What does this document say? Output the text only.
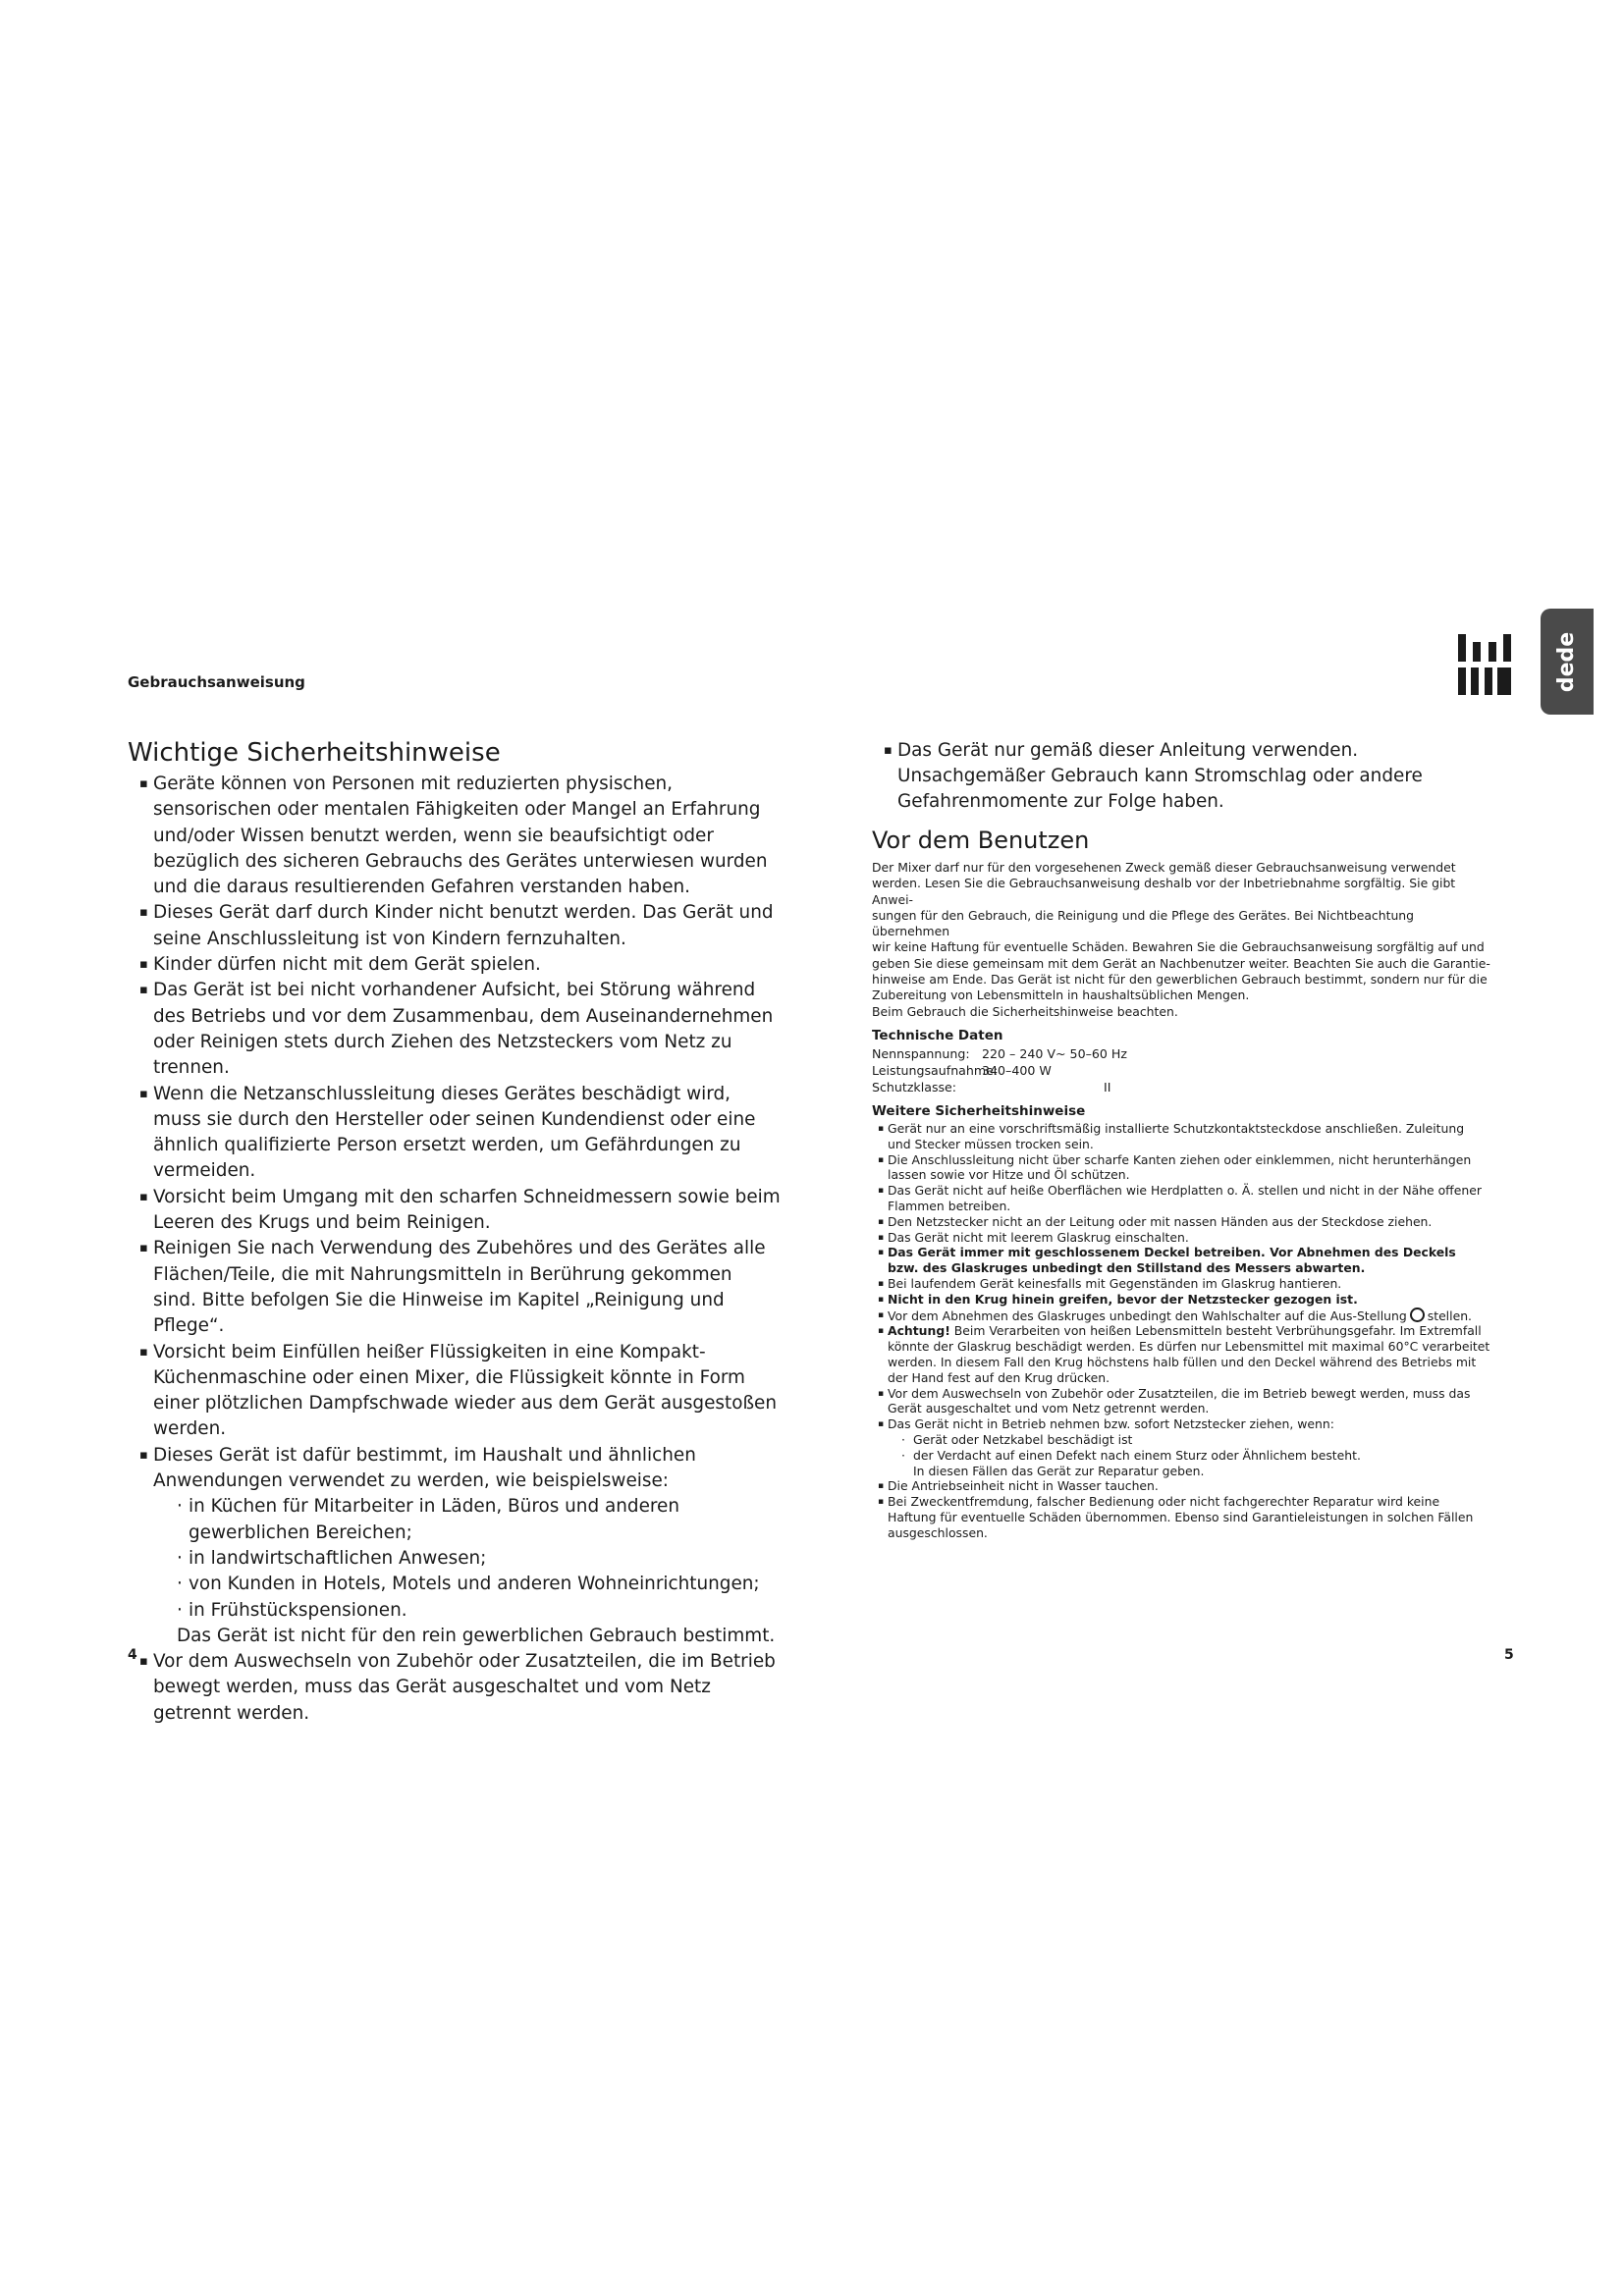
Gebrauchsanweisung	dede
Wichtige Sicherheitshinweise
▪ Geräte können von Personen mit reduzierten physischen, sensorischen oder mentalen Fähigkeiten oder Mangel an Erfahrung und/oder Wissen benutzt werden, wenn sie beaufsichtigt oder bezüglich des sicheren Gebrauchs des Gerätes unterwiesen wurden und die daraus resultierenden Gefahren verstanden haben.
▪ Dieses Gerät darf durch Kinder nicht benutzt werden. Das Gerät und seine Anschlussleitung ist von Kindern fernzuhalten.
▪ Kinder dürfen nicht mit dem Gerät spielen.
▪ Das Gerät ist bei nicht vorhandener Aufsicht, bei Störung während des Betriebs und vor dem Zusammenbau, dem Auseinandernehmen oder Reinigen stets durch Ziehen des Netzsteckers vom Netz zu trennen.
▪ Wenn die Netzanschlussleitung dieses Gerätes beschädigt wird, muss sie durch den Hersteller oder seinen Kundendienst oder eine ähnlich qualifizierte Person ersetzt werden, um Gefährdungen zu vermeiden.
▪ Vorsicht beim Umgang mit den scharfen Schneidmessern sowie beim Leeren des Krugs und beim Reinigen.
▪ Reinigen Sie nach Verwendung des Zubehöres und des Gerätes alle Flächen/Teile, die mit Nahrungsmitteln in Berührung gekommen sind. Bitte befolgen Sie die Hinweise im Kapitel „Reinigung und Pflege“.
▪ Vorsicht beim Einfüllen heißer Flüssigkeiten in eine Kompakt-Küchenmaschine oder einen Mixer, die Flüssigkeit könnte in Form einer plötzlichen Dampfschwade wieder aus dem Gerät ausgestoßen werden.
▪ Dieses Gerät ist dafür bestimmt, im Haushalt und ähnlichen Anwendungen verwendet zu werden, wie beispielsweise:
· in Küchen für Mitarbeiter in Läden, Büros und anderen gewerblichen Bereichen;
· in landwirtschaftlichen Anwesen;
· von Kunden in Hotels, Motels und anderen Wohneinrichtungen;
· in Frühstückspensionen.
Das Gerät ist nicht für den rein gewerblichen Gebrauch bestimmt.
▪ Vor dem Auswechseln von Zubehör oder Zusatzteilen, die im Betrieb bewegt werden, muss das Gerät ausgeschaltet und vom Netz getrennt werden.
▪ Das Gerät nur gemäß dieser Anleitung verwenden. Unsachgemäßer Gebrauch kann Stromschlag oder andere Gefahrenmomente zur Folge haben.
Vor dem Benutzen
Der Mixer darf nur für den vorgesehenen Zweck gemäß dieser Gebrauchsanweisung verwendet
werden. Lesen Sie die Gebrauchsanweisung deshalb vor der Inbetriebnahme sorgfältig. Sie gibt Anwei-
sungen für den Gebrauch, die Reinigung und die Pflege des Gerätes. Bei Nichtbeachtung übernehmen
wir keine Haftung für eventuelle Schäden. Bewahren Sie die Gebrauchsanweisung sorgfältig auf und
geben Sie diese gemeinsam mit dem Gerät an Nachbenutzer weiter. Beachten Sie auch die Garantie-
hinweise am Ende. Das Gerät ist nicht für den gewerblichen Gebrauch bestimmt, sondern nur für die
Zubereitung von Lebensmitteln in haushaltsüblichen Mengen.
Beim Gebrauch die Sicherheitshinweise beachten.
Technische Daten
Nennspannung: 220 – 240 V~ 50–60 Hz
Leistungsaufnahme:
340–400 W
Schutzklasse:	II
Weitere Sicherheitshinweise
▪ Gerät nur an eine vorschriftsmäßig installierte Schutzkontaktsteckdose anschließen. Zuleitung und Stecker müssen trocken sein.
▪ Die Anschlussleitung nicht über scharfe Kanten ziehen oder einklemmen, nicht herunterhängen lassen sowie vor Hitze und Öl schützen.
▪ Das Gerät nicht auf heiße Oberflächen wie Herdplatten o. Ä. stellen und nicht in der Nähe offener Flammen betreiben.
▪ Den Netzstecker nicht an der Leitung oder mit nassen Händen aus der Steckdose ziehen.
▪ Das Gerät nicht mit leerem Glaskrug einschalten.
▪ Das Gerät immer mit geschlossenem Deckel betreiben. Vor Abnehmen des Deckels bzw. des Glaskruges unbedingt den Stillstand des Messers abwarten.
▪ Bei laufendem Gerät keinesfalls mit Gegenständen im Glaskrug hantieren.
▪ Nicht in den Krug hinein greifen, bevor der Netzstecker gezogen ist.
▪ Vor dem Abnehmen des Glaskruges unbedingt den Wahlschalter auf die Aus-Stellung stellen.
▪ Achtung! Beim Verarbeiten von heißen Lebensmitteln besteht Verbrühungsgefahr. Im Extremfall könnte der Glaskrug beschädigt werden. Es dürfen nur Lebensmittel mit maximal 60°C verarbeitet werden. In diesem Fall den Krug höchstens halb füllen und den Deckel während des Betriebs mit der Hand fest auf den Krug drücken.
▪ Vor dem Auswechseln von Zubehör oder Zusatzteilen, die im Betrieb bewegt werden, muss das Gerät ausgeschaltet und vom Netz getrennt werden.
▪ Das Gerät nicht in Betrieb nehmen bzw. sofort Netzstecker ziehen, wenn:
· Gerät oder Netzkabel beschädigt ist
· der Verdacht auf einen Defekt nach einem Sturz oder Ähnlichem besteht.
In diesen Fällen das Gerät zur Reparatur geben.
▪ Die Antriebseinheit nicht in Wasser tauchen.
▪ Bei Zweckentfremdung, falscher Bedienung oder nicht fachgerechter Reparatur wird keine Haftung für eventuelle Schäden übernommen. Ebenso sind Garantieleistungen in solchen Fällen ausgeschlossen.
4	5
